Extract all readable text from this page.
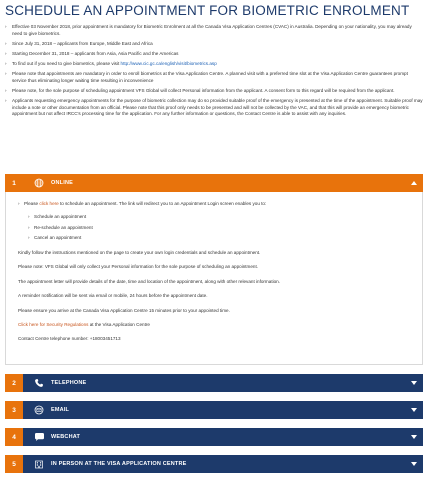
SCHEDULE AN APPOINTMENT FOR BIOMETRIC ENROLMENT
› Effective 03 November 2018, prior appointment is mandatory for Biometric Enrolment at all the Canada Visa Application Centres (CVAC) in Australia. Depending on your nationality, you may already need to give biometrics.
› Since July 31, 2018 – applicants from Europe, Middle East and Africa
› Starting December 31, 2018 – applicants from Asia, Asia Pacific and the Americas
› To find out if you need to give biometrics, please visit http://www.cic.gc.ca/english/visit/biometrics.asp
› Please note that appointments are mandatory in order to enroll biometrics at the Visa Application Centre. A planned visit with a preferred time slot at the Visa Application Centre guarantees prompt service thus eliminating longer waiting time resulting in inconvenience
› Please note, for the sole purpose of scheduling appointment VFS Global will collect Personal information from the applicant. A consent form to this regard will be required from the applicant.
› Applicants requesting emergency appointments for the purpose of biometric collection may do so provided suitable proof of the emergency is presented at the time of the appointment. Suitable proof may include a note or other documentation from an official. Please note that this proof only needs to be presented and will not be collected by the VAC, and that this will provide an emergency biometric appointment but not affect IRCC's processing time for the application. For any further information or questions, the Contact Centre is able to assist with any inquiries.
1	ONLINE

› Please click here to schedule an appointment. The link will redirect you to an Appointment Login screen enables you to:

› Schedule an appointment
› Re-schedule an appointment
› Cancel an appointment

Kindly follow the instructions mentioned on the page to create your own login credentials and schedule an appointment.

Please note: VFS Global will only collect your Personal information for the sole purpose of scheduling an appointment.

The appointment letter will provide details of the date, time and location of the appointment, along with other relevant information.

A reminder notification will be sent via email or mobile, 24 hours before the appointment date.

Please ensure you arrive at the Canada Visa Application Centre 15 minutes prior to your appointed time.

Click here for Security Regulations at the Visa Application Centre

Contact Centre telephone number: +18003451713

2	TELEPHONE
3	EMAIL
4	WEBCHAT
5	IN PERSON AT THE VISA APPLICATION CENTRE
